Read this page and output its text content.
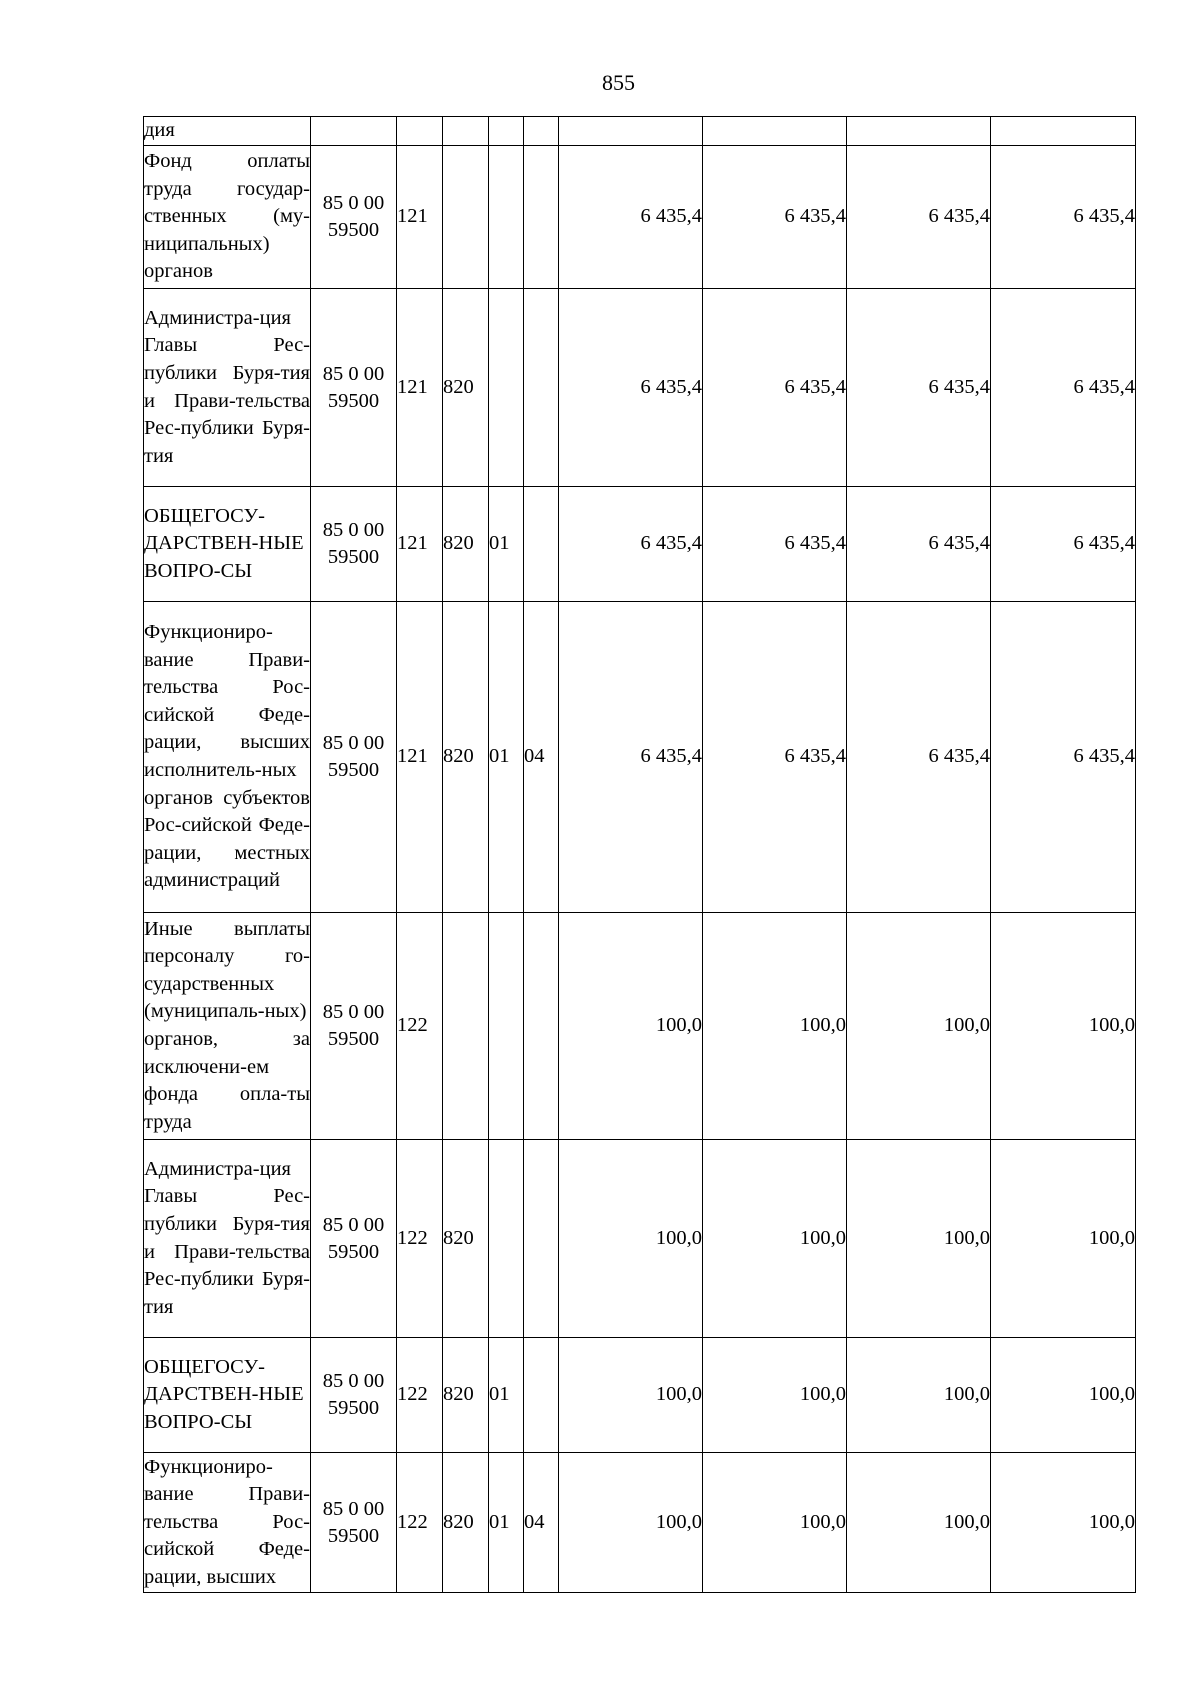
855
дия									

Фонд оплаты труда государ-ственных (му-ниципальных) органов	85 0 00 59500	121				6 435,4	6 435,4	6 435,4	6 435,4

Администра-ция Главы Рес-публики Буря-тия и Прави-тельства Рес-публики Буря-тия	85 0 00 59500	121	820			6 435,4	6 435,4	6 435,4	6 435,4

ОБЩЕГОСУ-ДАРСТВЕН-НЫЕ ВОПРО-СЫ	85 0 00 59500	121	820	01		6 435,4	6 435,4	6 435,4	6 435,4

Функциониро-вание Прави-тельства Рос-сийской Феде-рации, высших исполнитель-ных органов субъектов Рос-сийской Феде-рации, местных администраций	85 0 00 59500	121	820	01	04	6 435,4	6 435,4	6 435,4	6 435,4

Иные выплаты персоналу го-сударственных (муниципаль-ных) органов, за исключени-ем фонда опла-ты труда	85 0 00 59500	122				100,0	100,0	100,0	100,0

Администра-ция Главы Рес-публики Буря-тия и Прави-тельства Рес-публики Буря-тия	85 0 00 59500	122	820			100,0	100,0	100,0	100,0

ОБЩЕГОСУ-ДАРСТВЕН-НЫЕ ВОПРО-СЫ	85 0 00 59500	122	820	01		100,0	100,0	100,0	100,0

Функциониро-вание Прави-тельства Рос-сийской Феде-рации, высших	85 0 00 59500	122	820	01	04	100,0	100,0	100,0	100,0
